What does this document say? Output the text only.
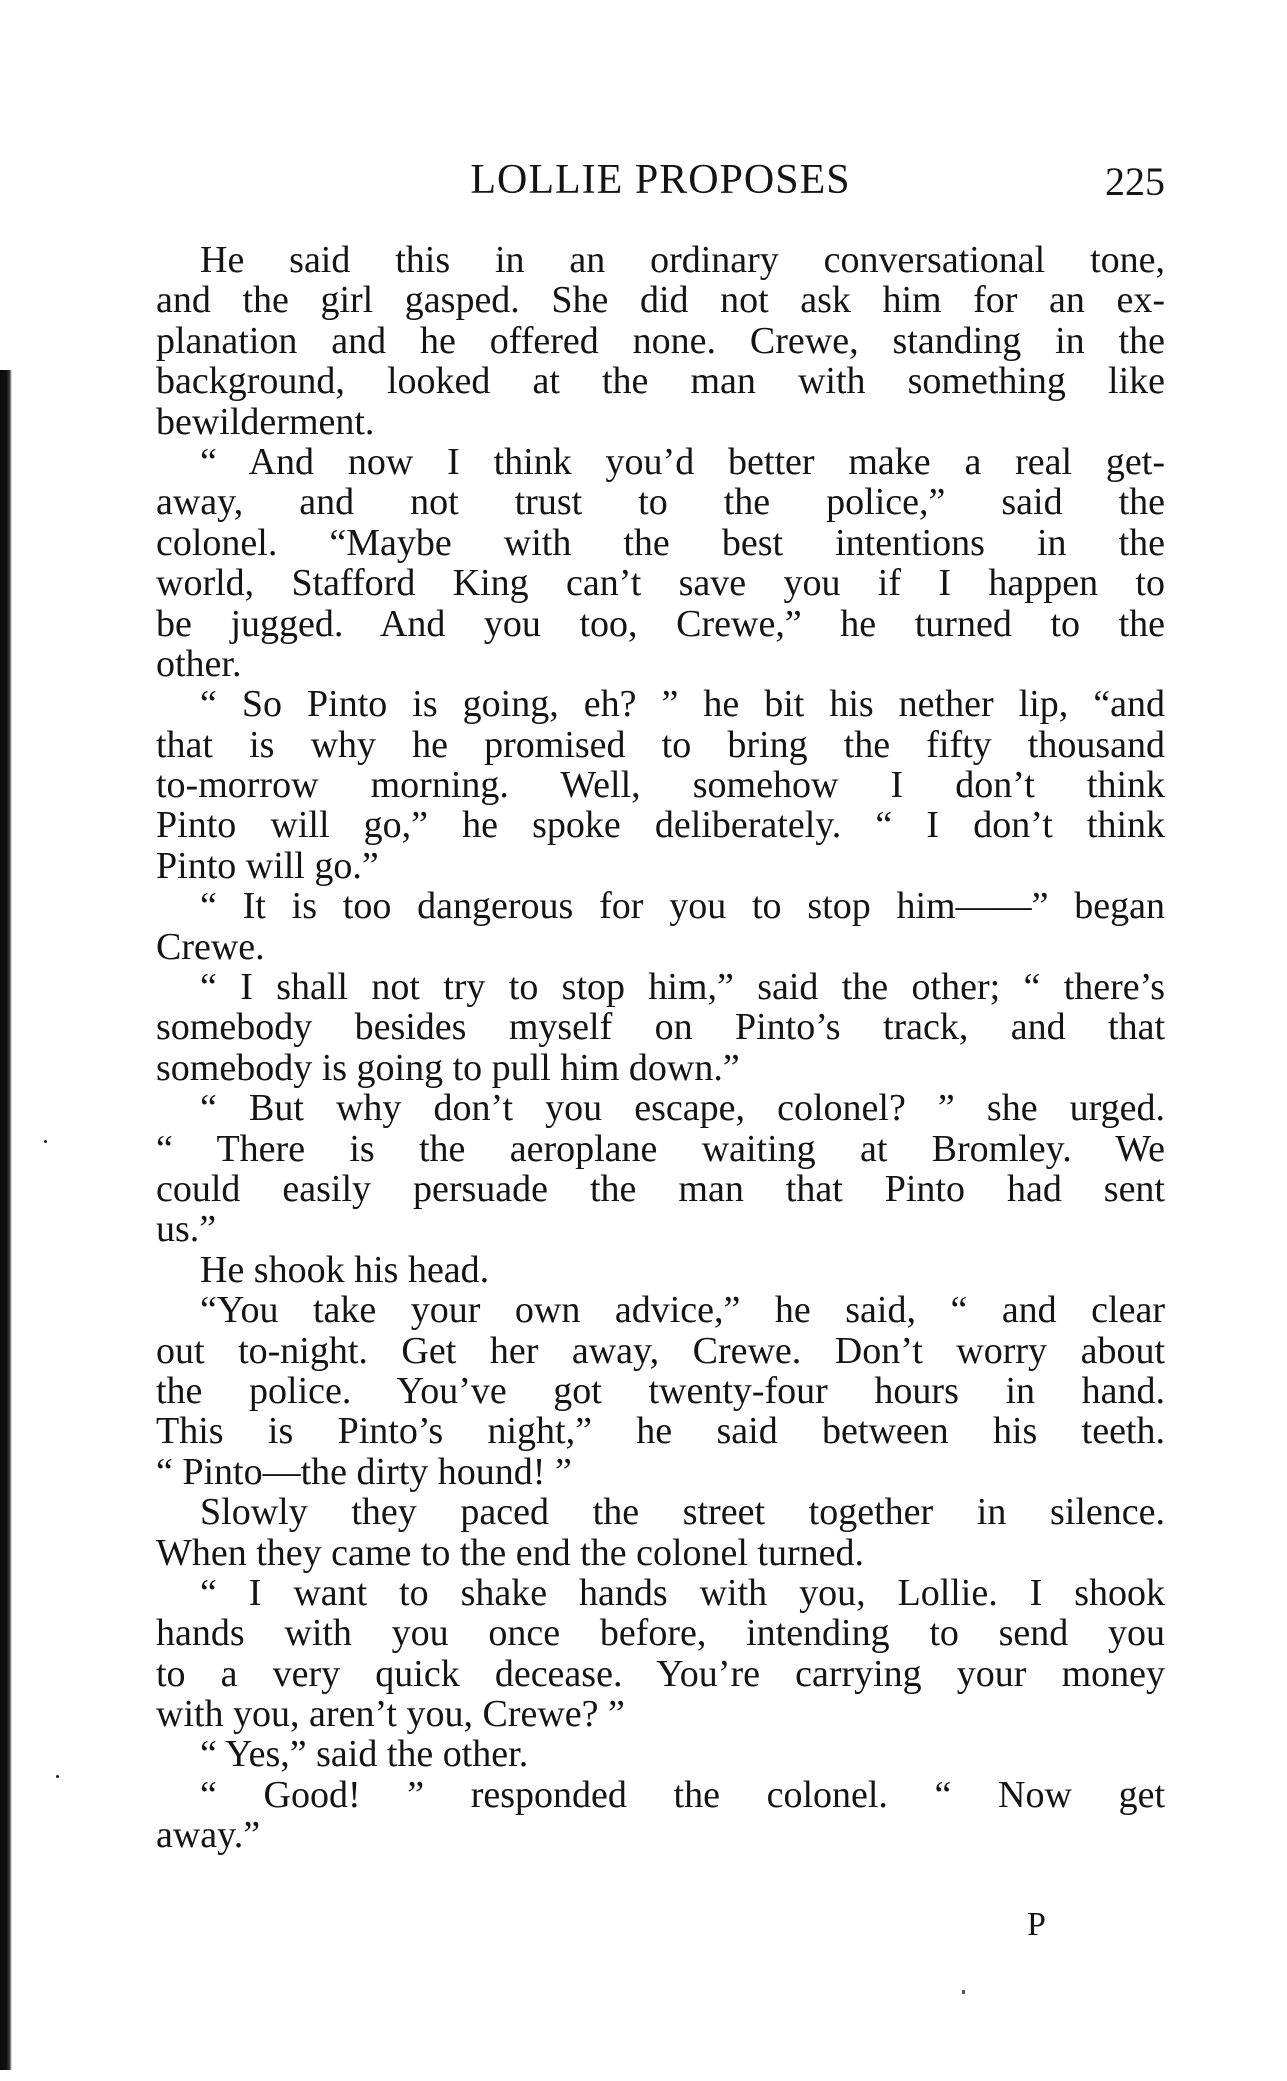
LOLLIE PROPOSES	225
He said this in an ordinary conversational tone,
and the girl gasped. She did not ask him for an ex-
planation and he offered none. Crewe, standing in the
background, looked at the man with something like
bewilderment.
“ And now I think you’d better make a real get-
away, and not trust to the police,” said the
colonel. “Maybe with the best intentions in the
world, Stafford King can’t save you if I happen to
be jugged. And you too, Crewe,” he turned to the
other.
“ So Pinto is going, eh? ” he bit his nether lip, “and
that is why he promised to bring the fifty thousand
to-morrow morning. Well, somehow I don’t think
Pinto will go,” he spoke deliberately. “ I don’t think
Pinto will go.”
“ It is too dangerous for you to stop him——” began
Crewe.
“ I shall not try to stop him,” said the other; “ there’s
somebody besides myself on Pinto’s track, and that
somebody is going to pull him down.”
“ But why don’t you escape, colonel? ” she urged.
“ There is the aeroplane waiting at Bromley. We
could easily persuade the man that Pinto had sent
us.”
He shook his head.
“You take your own advice,” he said, “ and clear
out to-night. Get her away, Crewe. Don’t worry about
the police. You’ve got twenty-four hours in hand.
This is Pinto’s night,” he said between his teeth.
“ Pinto—the dirty hound! ”
Slowly they paced the street together in silence.
When they came to the end the colonel turned.
“ I want to shake hands with you, Lollie. I shook
hands with you once before, intending to send you
to a very quick decease. You’re carrying your money
with you, aren’t you, Crewe? ”
“ Yes,” said the other.
“ Good! ” responded the colonel. “ Now get
away.”
P
